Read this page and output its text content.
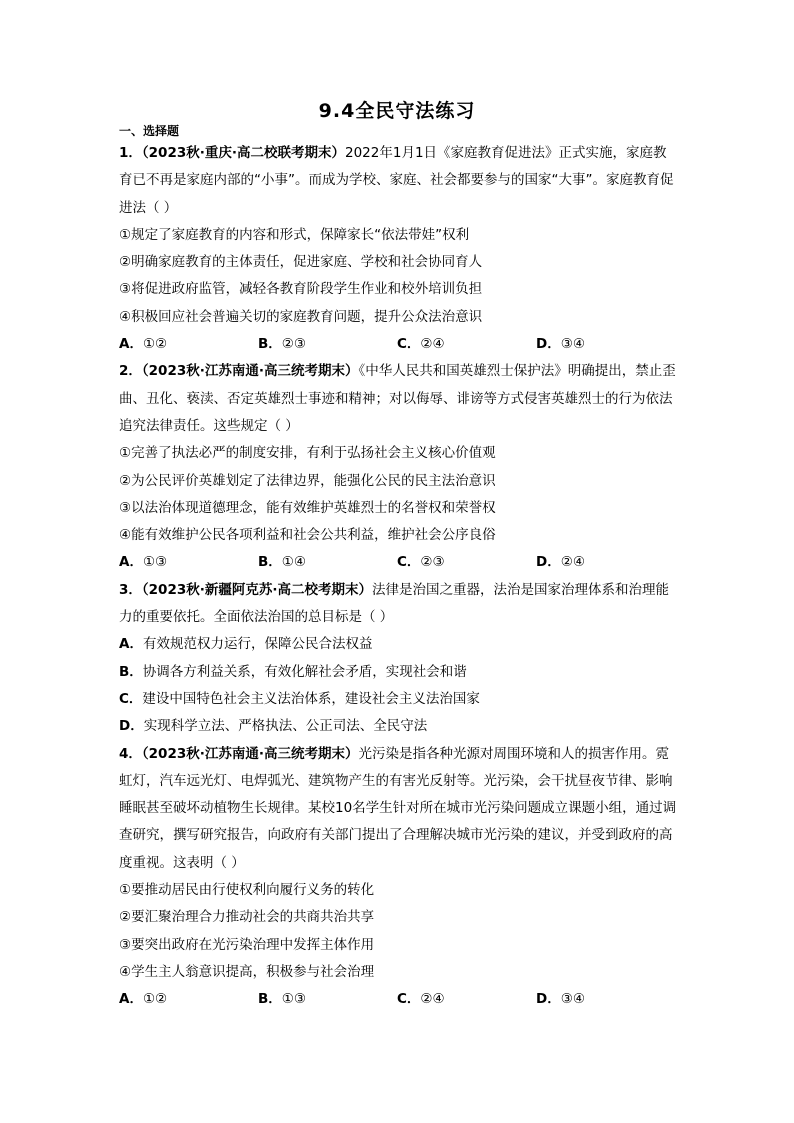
9.4全民守法练习
一、选择题
1．（2023秋·重庆·高二校联考期末）2022年1月1日《家庭教育促进法》正式实施，家庭教育已不再是家庭内部的“小事”。而成为学校、家庭、社会都要参与的国家“大事”。家庭教育促进法（ ）
①规定了家庭教育的内容和形式，保障家长“依法带娃”权利
②明确家庭教育的主体责任，促进家庭、学校和社会协同育人
③将促进政府监管，减轻各教育阶段学生作业和校外培训负担
④积极回应社会普遍关切的家庭教育问题，提升公众法治意识
A．①②	B．②③	C．②④	D．③④
2．（2023秋·江苏南通·高三统考期末）《中华人民共和国英雄烈士保护法》明确提出，禁止歪曲、丑化、亵渎、否定英雄烈士事迹和精神；对以侮辱、诽谤等方式侵害英雄烈士的行为依法追究法律责任。这些规定（ ）
①完善了执法必严的制度安排，有利于弘扬社会主义核心价值观
②为公民评价英雄划定了法律边界，能强化公民的民主法治意识
③以法治体现道德理念，能有效维护英雄烈士的名誉权和荣誉权
④能有效维护公民各项利益和社会公共利益，维护社会公序良俗
A．①③	B．①④	C．②③	D．②④
3．（2023秋·新疆阿克苏·高二校考期末）法律是治国之重器，法治是国家治理体系和治理能力的重要依托。全面依法治国的总目标是（ ）
A．有效规范权力运行，保障公民合法权益
B．协调各方利益关系，有效化解社会矛盾，实现社会和谐
C．建设中国特色社会主义法治体系，建设社会主义法治国家
D．实现科学立法、严格执法、公正司法、全民守法
4．（2023秋·江苏南通·高三统考期末）光污染是指各种光源对周围环境和人的损害作用。霓虹灯，汽车远光灯、电焊弧光、建筑物产生的有害光反射等。光污染，会干扰昼夜节律、影响睡眠甚至破坏动植物生长规律。某校10名学生针对所在城市光污染问题成立课题小组，通过调查研究，撰写研究报告，向政府有关部门提出了合理解决城市光污染的建议，并受到政府的高度重视。这表明（ ）
①要推动居民由行使权利向履行义务的转化
②要汇聚治理合力推动社会的共商共治共享
③要突出政府在光污染治理中发挥主体作用
④学生主人翁意识提高，积极参与社会治理
A．①②	B．①③	C．②④	D．③④
